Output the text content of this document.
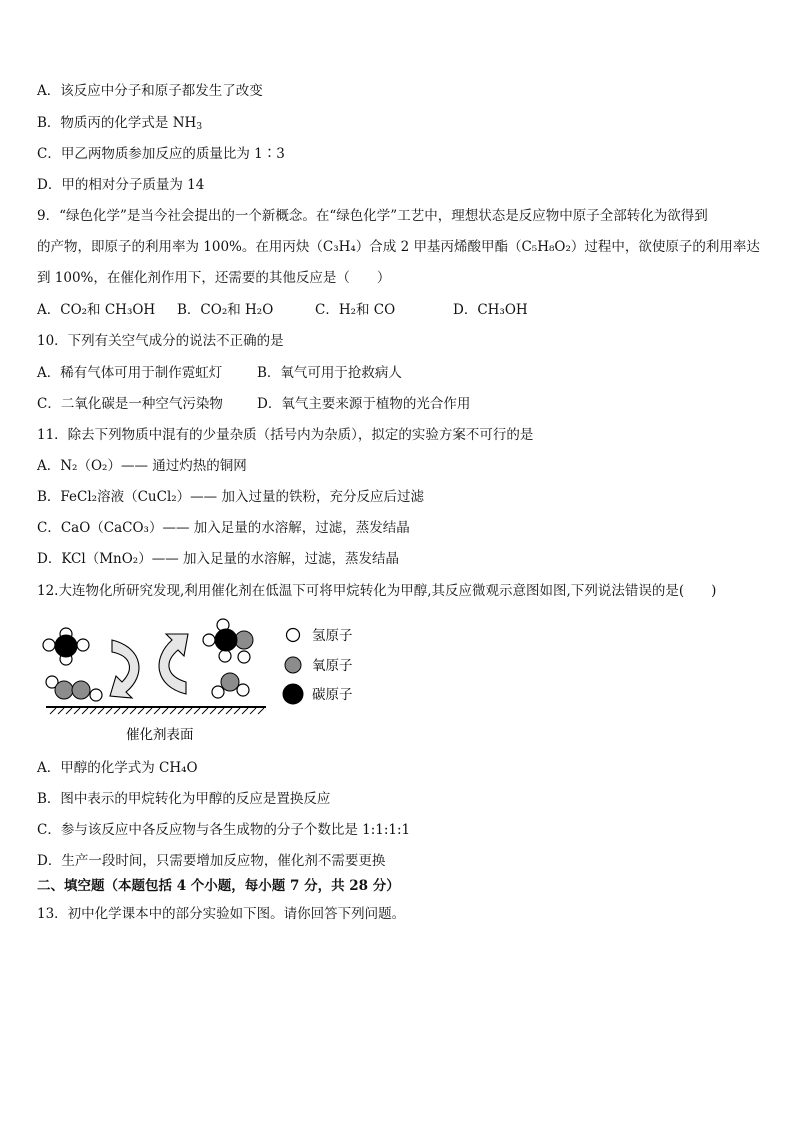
A．该反应中分子和原子都发生了改变
B．物质丙的化学式是 $NH_3$
C．甲乙两物质参加反应的质量比为 1∶3
D．甲的相对分子质量为 14
9．“绿色化学”是当今社会提出的一个新概念。在“绿色化学”工艺中，理想状态是反应物中原子全部转化为欲得到
的产物，即原子的利用率为 100%。在用丙炔（C₃H₄）合成 2 甲基丙烯酸甲酯（C₅H₈O₂）过程中，欲使原子的利用率达
到 100%，在催化剂作用下，还需要的其他反应是（　　）
A．CO₂和 CH₃OH B．CO₂和 H₂O	C．H₂和 CO	D．CH₃OH
10．下列有关空气成分的说法不正确的是
A．稀有气体可用于制作霓虹灯	B．氧气可用于抢救病人
C．二氧化碳是一种空气污染物	D．氧气主要来源于植物的光合作用
11．除去下列物质中混有的少量杂质（括号内为杂质），拟定的实验方案不可行的是
A．N₂（O₂）—— 通过灼热的铜网
B．FeCl₂溶液（CuCl₂）—— 加入过量的铁粉，充分反应后过滤
C．CaO（CaCO₃）—— 加入足量的水溶解，过滤，蒸发结晶
D．KCl（MnO₂）—— 加入足量的水溶解，过滤，蒸发结晶
12.大连物化所研究发现,利用催化剂在低温下可将甲烷转化为甲醇,其反应微观示意图如图,下列说法错误的是(　　)
氢原子
氧原子
碳原子
催化剂表面
A．甲醇的化学式为 CH₄O
B．图中表示的甲烷转化为甲醇的反应是置换反应
C．参与该反应中各反应物与各生成物的分子个数比是 1:1:1:1
D．生产一段时间，只需要增加反应物，催化剂不需要更换
二、填空题（本题包括 4 个小题，每小题 7 分，共 28 分）
13．初中化学课本中的部分实验如下图。请你回答下列问题。
